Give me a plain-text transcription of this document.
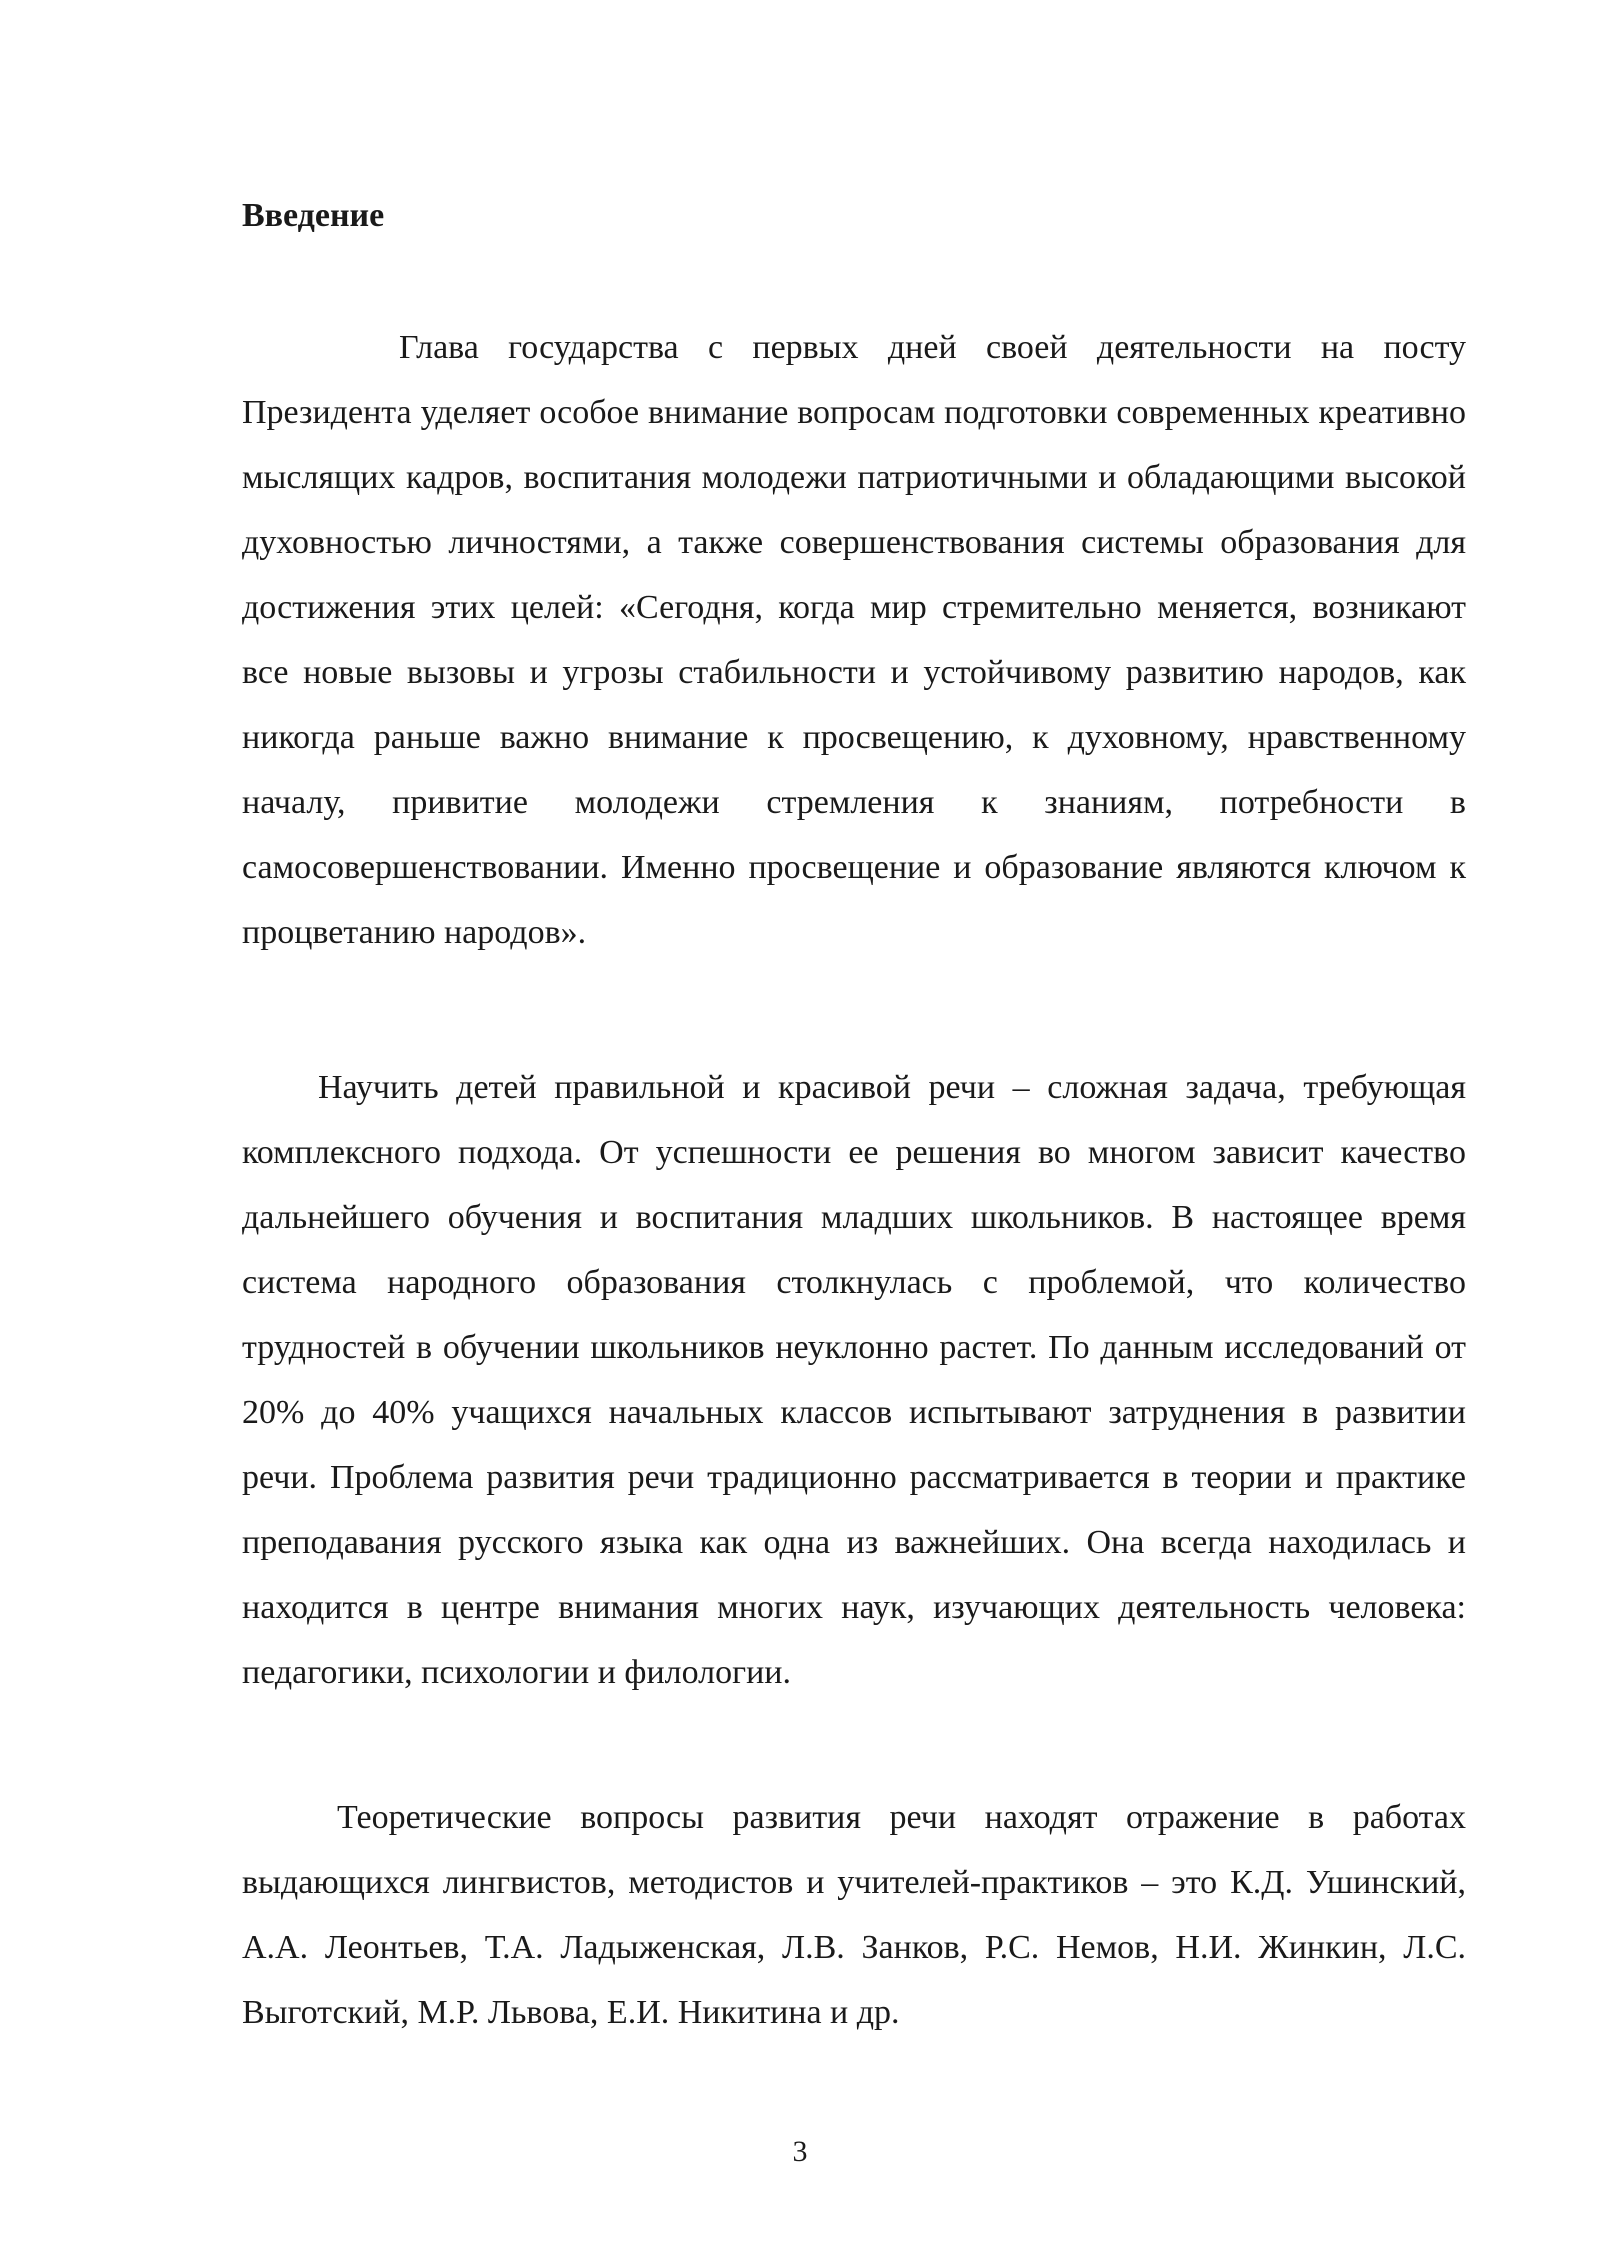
Введение

Глава государства с первых дней своей деятельности на посту Президента уделяет особое внимание вопросам подготовки современных креативно мыслящих кадров, воспитания молодежи патриотичными и обладающими высокой духовностью личностями, а также совершенствования системы образования для достижения этих целей: «Сегодня, когда мир стремительно меняется, возникают все новые вызовы и угрозы стабильности и устойчивому развитию народов, как никогда раньше важно внимание к просвещению, к духовному, нравственному началу, привитие молодежи стремления к знаниям, потребности в самосовершенствовании. Именно просвещение и образование являются ключом к процветанию народов».

Научить детей правильной и красивой речи – сложная задача, требующая комплексного подхода. От успешности ее решения во многом зависит качество дальнейшего обучения и воспитания младших школьников. В настоящее время система народного образования столкнулась с проблемой, что количество трудностей в обучении школьников неуклонно растет. По данным исследований от 20% до 40% учащихся начальных классов испытывают затруднения в развитии речи. Проблема развития речи традиционно рассматривается в теории и практике преподавания русского языка как одна из важнейших. Она всегда находилась и находится в центре внимания многих наук, изучающих деятельность человека: педагогики, психологии и филологии.

Теоретические вопросы развития речи находят отражение в работах выдающихся лингвистов, методистов и учителей-практиков – это К.Д. Ушинский, А.А. Леонтьев, Т.А. Ладыженская, Л.В. Занков, Р.С. Немов, Н.И. Жинкин, Л.С. Выготский, М.Р. Львова, Е.И. Никитина и др.

3
